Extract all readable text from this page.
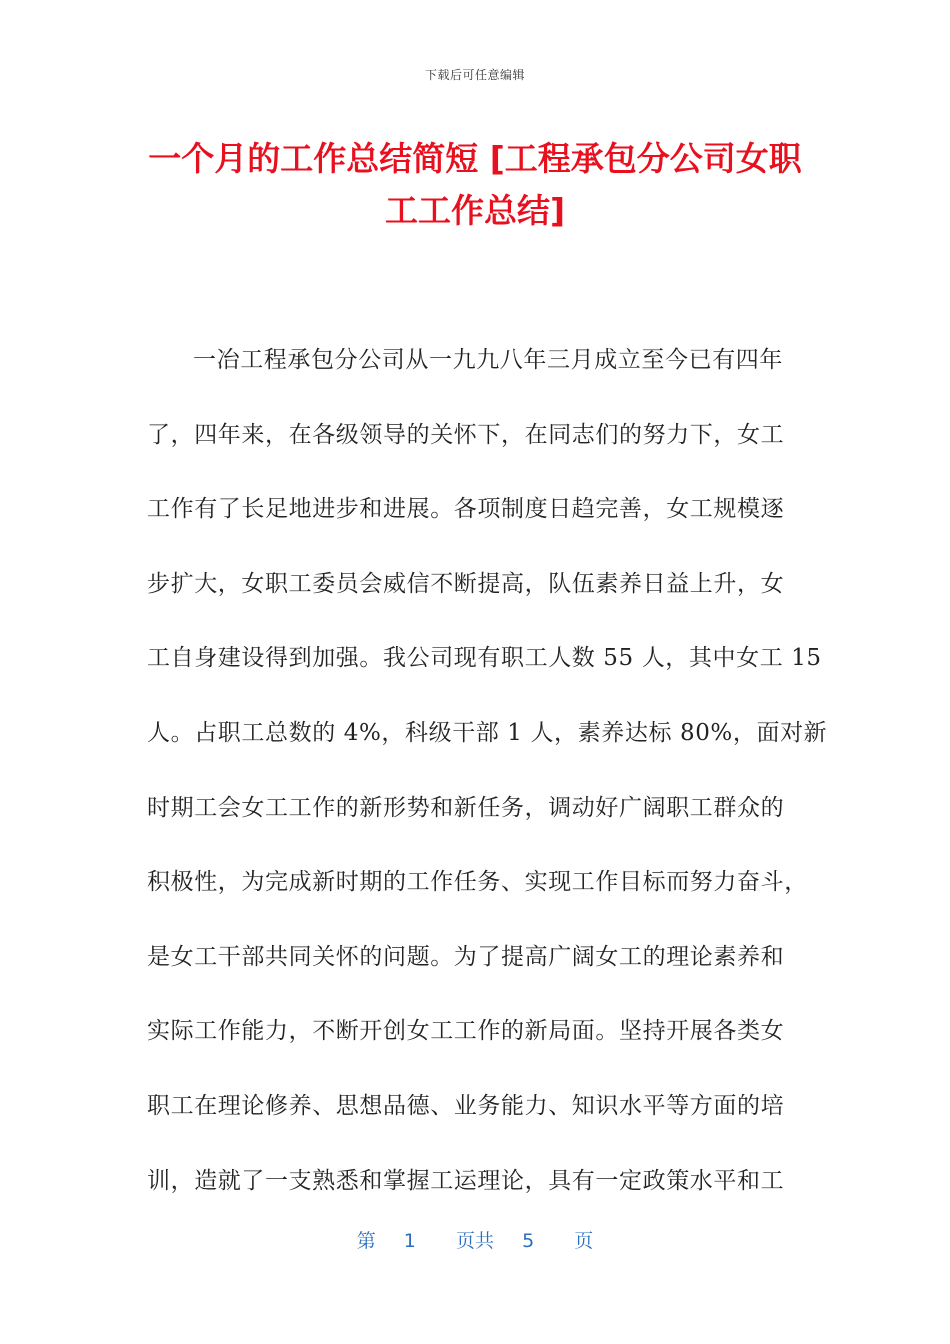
下载后可任意编辑
一个月的工作总结简短 [工程承包分公司女职
工工作总结]
一冶工程承包分公司从一九九八年三月成立至今已有四年
了，四年来，在各级领导的关怀下，在同志们的努力下，女工
工作有了长足地进步和进展。各项制度日趋完善，女工规模逐
步扩大，女职工委员会威信不断提高，队伍素养日益上升，女
工自身建设得到加强。我公司现有职工人数 55 人，其中女工 15
人。占职工总数的 4%，科级干部 1 人，素养达标 80%，面对新
时期工会女工工作的新形势和新任务，调动好广阔职工群众的
积极性，为完成新时期的工作任务、实现工作目标而努力奋斗，
是女工干部共同关怀的问题。为了提高广阔女工的理论素养和
实际工作能力，不断开创女工工作的新局面。坚持开展各类女
职工在理论修养、思想品德、业务能力、知识水平等方面的培
训，造就了一支熟悉和掌握工运理论，具有一定政策水平和工
第 1 页共 5 页
